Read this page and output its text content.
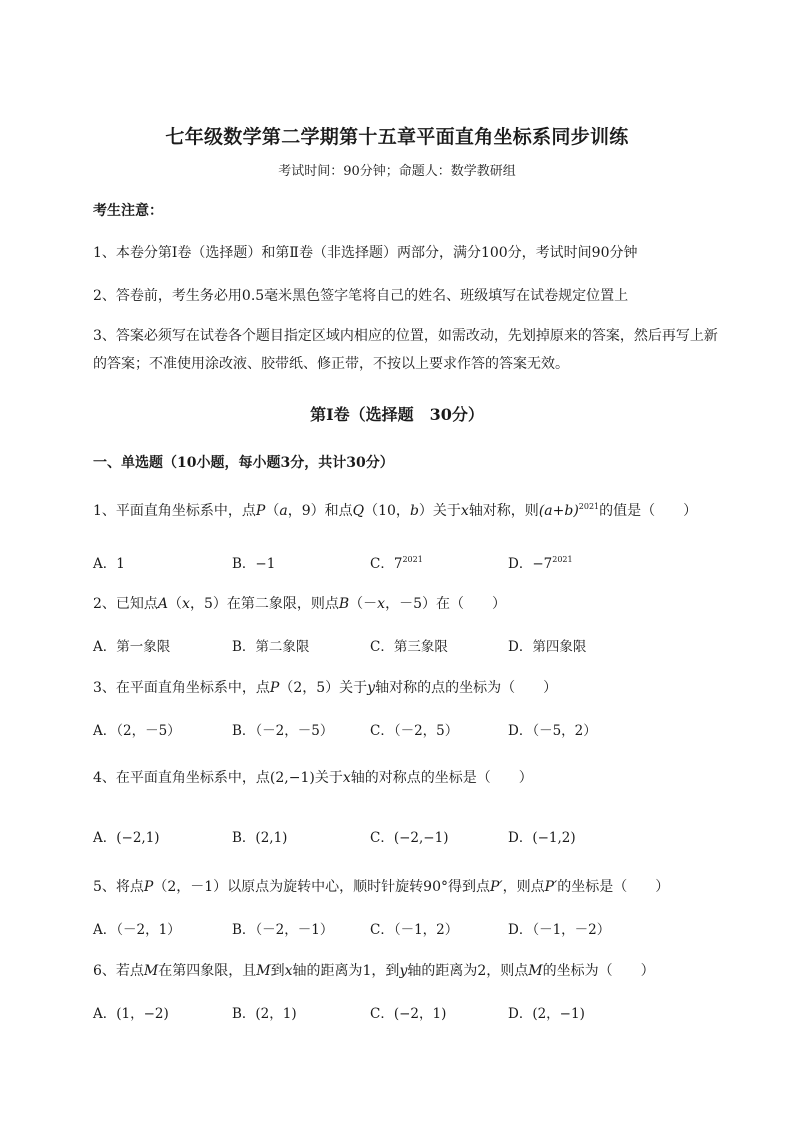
七年级数学第二学期第十五章平面直角坐标系同步训练
考试时间：90分钟；命题人：数学教研组
考生注意：
1、本卷分第I卷（选择题）和第Ⅱ卷（非选择题）两部分，满分100分，考试时间90分钟
2、答卷前，考生务必用0.5毫米黑色签字笔将自己的姓名、班级填写在试卷规定位置上
3、答案必须写在试卷各个题目指定区域内相应的位置，如需改动，先划掉原来的答案，然后再写上新
的答案；不准使用涂改液、胶带纸、修正带，不按以上要求作答的答案无效。
第I卷（选择题　30分）
一、单选题（10小题，每小题3分，共计30分）
1、平面直角坐标系中，点P（a，9）和点Q（10，b）关于x轴对称，则$(a+b)^{2021}$的值是（　　）
A．1	B．−1	C．$7^{2021}$	D．$-7^{2021}$
2、已知点A（x，5）在第二象限，则点B（－x，－5）在（　　）
A．第一象限	B．第二象限	C．第三象限	D．第四象限
3、在平面直角坐标系中，点P（2，5）关于y轴对称的点的坐标为（　　）
A．（2，－5）	B．（－2，－5）	C．（－2，5）	D．（－5，2）
4、在平面直角坐标系中，点(2,−1)关于x轴的对称点的坐标是（　　）
A．(−2,1)	B．(2,1)	C．(−2,−1)	D．(−1,2)
5、将点P（2，－1）以原点为旋转中心，顺时针旋转90°得到点P′，则点P′的坐标是（　　）
A．（－2，1）	B．（－2，－1）	C．（－1，2）	D．（－1，－2）
6、若点M在第四象限，且M到x轴的距离为1，到y轴的距离为2，则点M的坐标为（　　）
A．(1，−2)	B．(2，1)	C．(−2，1)	D．(2，−1)
